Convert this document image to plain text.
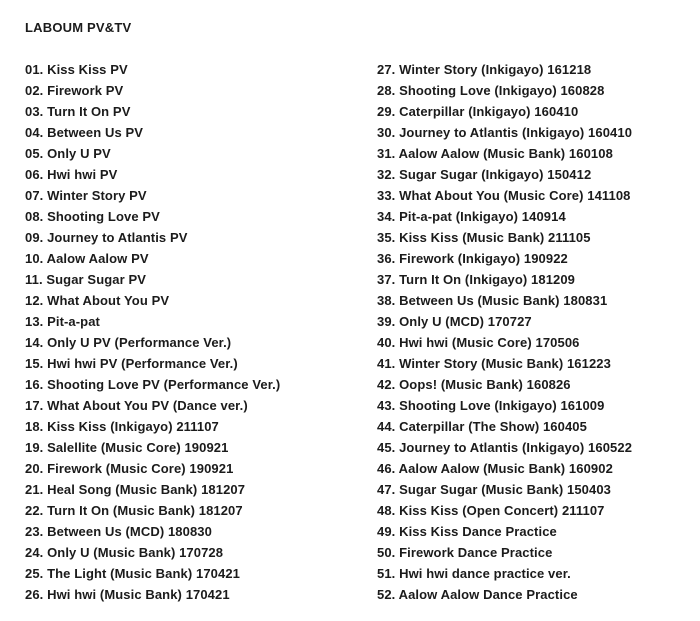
LABOUM PV&TV
01. Kiss Kiss PV
02. Firework PV
03. Turn It On PV
04. Between Us PV
05. Only U PV
06. Hwi hwi PV
07. Winter Story PV
08. Shooting Love PV
09. Journey to Atlantis PV
10. Aalow Aalow PV
11. Sugar Sugar PV
12. What About You PV
13. Pit-a-pat
14. Only U PV (Performance Ver.)
15. Hwi hwi PV (Performance Ver.)
16. Shooting Love PV (Performance Ver.)
17. What About You PV (Dance ver.)
18. Kiss Kiss (Inkigayo) 211107
19. Salellite (Music Core) 190921
20. Firework (Music Core) 190921
21. Heal Song (Music Bank) 181207
22. Turn It On (Music Bank) 181207
23. Between Us (MCD) 180830
24. Only U (Music Bank) 170728
25. The Light (Music Bank) 170421
26. Hwi hwi (Music Bank) 170421
27. Winter Story (Inkigayo) 161218
28. Shooting Love (Inkigayo) 160828
29. Caterpillar (Inkigayo) 160410
30. Journey to Atlantis (Inkigayo) 160410
31. Aalow Aalow (Music Bank) 160108
32. Sugar Sugar (Inkigayo) 150412
33. What About You (Music Core) 141108
34. Pit-a-pat (Inkigayo) 140914
35. Kiss Kiss (Music Bank) 211105
36. Firework (Inkigayo) 190922
37. Turn It On (Inkigayo) 181209
38. Between Us (Music Bank) 180831
39. Only U (MCD) 170727
40. Hwi hwi (Music Core) 170506
41. Winter Story (Music Bank) 161223
42. Oops! (Music Bank) 160826
43. Shooting Love (Inkigayo) 161009
44. Caterpillar (The Show) 160405
45. Journey to Atlantis (Inkigayo) 160522
46. Aalow Aalow (Music Bank) 160902
47. Sugar Sugar (Music Bank) 150403
48. Kiss Kiss (Open Concert) 211107
49. Kiss Kiss Dance Practice
50. Firework Dance Practice
51. Hwi hwi dance practice ver.
52. Aalow Aalow Dance Practice
